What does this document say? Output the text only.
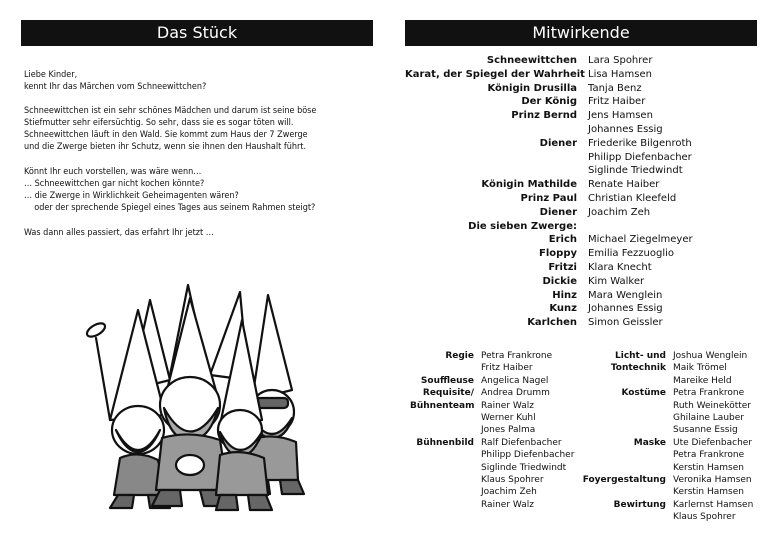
Das Stück	Mitwirkende
Liebe Kinder,
kennt Ihr das Märchen vom Schneewittchen?
Schneewittchen ist ein sehr schönes Mädchen und darum ist seine böse
Stiefmutter sehr eifersüchtig. So sehr, dass sie es sogar töten will.
Schneewittchen läuft in den Wald. Sie kommt zum Haus der 7 Zwerge
und die Zwerge bieten ihr Schutz, wenn sie ihnen den Haushalt führt.
Könnt Ihr euch vorstellen, was wäre wenn…
… Schneewittchen gar nicht kochen könnte?
… die Zwerge in Wirklichkeit Geheimagenten wären?
oder der sprechende Spiegel eines Tages aus seinem Rahmen steigt?
Was dann alles passiert, das erfahrt Ihr jetzt …
Schneewittchen Lara Spohrer
Karat, der Spiegel der Wahrheit Lisa Hamsen
Königin Drusilla Tanja Benz
Der König Fritz Haiber
Prinz Bernd Jens Hamsen
Johannes Essig
Diener Friederike Bilgenroth
Philipp Diefenbacher
Siglinde Triedwindt
Königin Mathilde Renate Haiber
Prinz Paul Christian Kleefeld
Diener Joachim Zeh
Die sieben Zwerge:
Erich Michael Ziegelmeyer
Floppy Emilia Fezzuoglio
Fritzi Klara Knecht
Dickie Kim Walker
Hinz Mara Wenglein
Kunz Johannes Essig
Karlchen Simon Geissler
Regie Petra Frankrone
Fritz Haiber
Souffleuse Angelica Nagel
Requisite/ Andrea Drumm
Bühnenteam Rainer Walz
Werner Kuhl
Jones Palma
Bühnenbild Ralf Diefenbacher
Philipp Diefenbacher
Siglinde Triedwindt
Klaus Spohrer
Joachim Zeh
Rainer Walz
Licht- und Joshua Wenglein
Tontechnik Maik Trömel
Mareike Held
Kostüme Petra Frankrone
Ruth Weinekötter
Ghilaine Lauber
Susanne Essig
Maske Ute Diefenbacher
Petra Frankrone
Kerstin Hamsen
Foyergestaltung Veronika Hamsen
Kerstin Hamsen
Bewirtung Karlernst Hamsen
Klaus Spohrer
